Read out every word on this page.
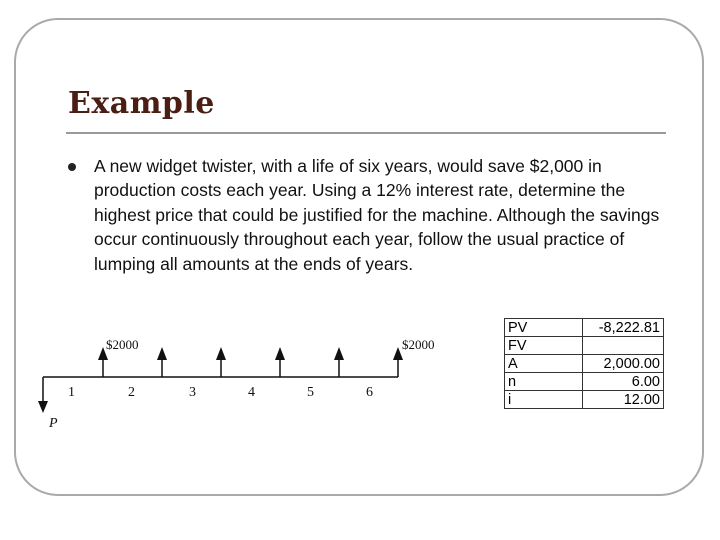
Example

A new widget twister, with a life of six years, would save $2,000 in production costs each year. Using a 12% interest rate, determine the highest price that could be justified for the machine. Although the savings occur continuously throughout each year, follow the usual practice of lumping all amounts at the ends of years.

$2000	$2000
1	2	3	4	5	6
P
PV	-8,222.81
FV	
A	2,000.00
n	6.00
i	12.00
